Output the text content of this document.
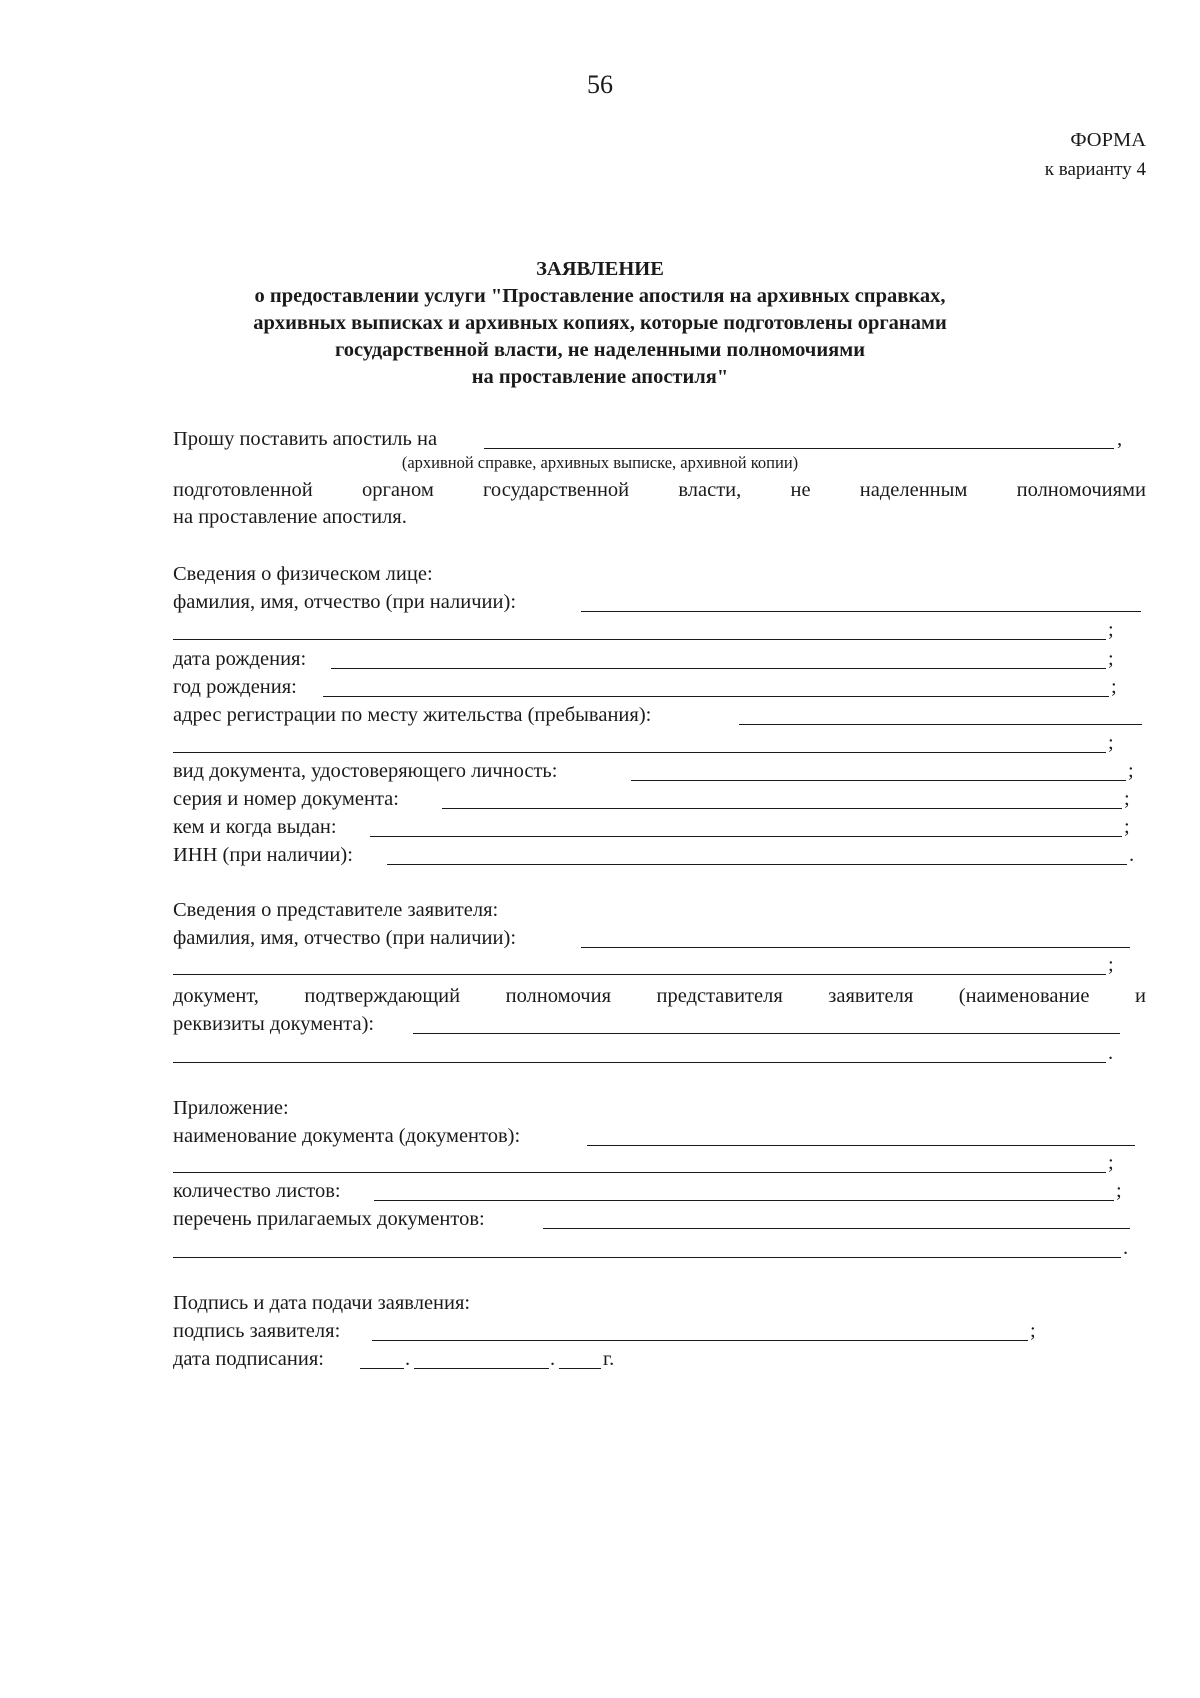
56
ФОРМА
к варианту 4
ЗАЯВЛЕНИЕ
о предоставлении услуги "Проставление апостиля на архивных справках,
архивных выписках и архивных копиях, которые подготовлены органами
государственной власти, не наделенными полномочиями
на проставление апостиля"
Прошу поставить апостиль на	,
(архивной справке, архивных выписке, архивной копии)
подготовленной органом государственной власти, не наделенным полномочиями
на проставление апостиля.
Сведения о физическом лице:
фамилия, имя, отчество (при наличии):
;
дата рождения:	;
год рождения:	;
адрес регистрации по месту жительства (пребывания):
;
вид документа, удостоверяющего личность:	;
серия и номер документа:	;
кем и когда выдан:	;
ИНН (при наличии):	.
Сведения о представителе заявителя:
фамилия, имя, отчество (при наличии):
;
документ, подтверждающий полномочия представителя заявителя (наименование и
реквизиты документа):
.
Приложение:
наименование документа (документов):
;
количество листов:	;
перечень прилагаемых документов:
.
Подпись и дата подачи заявления:
подпись заявителя:	;
дата подписания:	.	. г.
